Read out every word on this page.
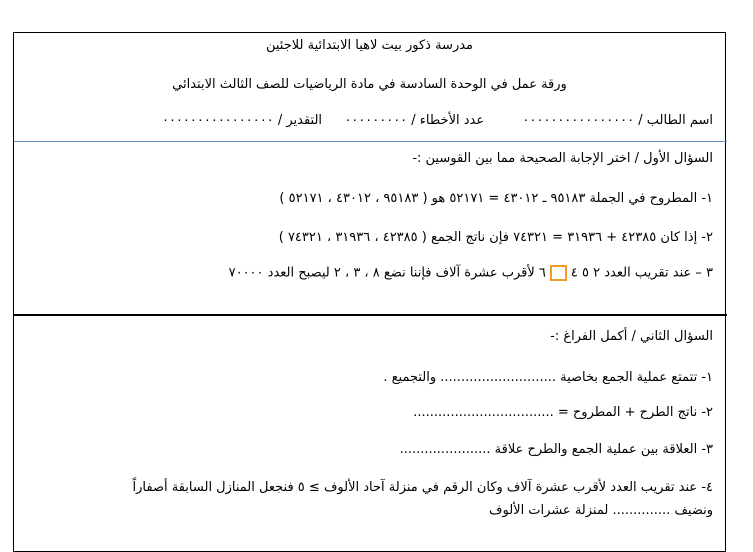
مدرسة ذكور بيت لاهيا الابتدائية للاجئين
ورقة عمل في الوحدة السادسة في مادة الرياضيات للصف الثالث الابتدائي
اسم الطالب / ٠٠٠٠٠٠٠٠٠٠٠٠٠٠٠٠  عدد الأخطاء / ٠٠٠٠٠٠٠٠٠  التقدير / ٠٠٠٠٠٠٠٠٠٠٠٠٠٠٠٠
السؤال الأول / اختر الإجابة الصحيحة مما بين القوسين :-
١- المطروح في الجملة ٩٥١٨٣ ـ ٤٣٠١٢ = ٥٢١٧١ هو ( ٩٥١٨٣ ، ٤٣٠١٢ ، ٥٢١٧١ )
٢- إذا كان ٤٢٣٨٥ + ٣١٩٣٦ = ٧٤٣٢١ فإن ناتج الجمع ( ٤٢٣٨٥ ، ٣١٩٣٦ ، ٧٤٣٢١ )
٣ – عند تقريب العدد ٢ ٥ ٤٦ لأقرب عشرة آلاف فإننا نضع ٨ ، ٣ ، ٢ ليصبح العدد ٧٠٠٠٠
السؤال الثاني / أكمل الفراغ :-
١- تتمتع عملية الجمع بخاصية ............................ والتجميع .
٢- ناتج الطرح + المطروح = ..................................
٣- العلاقة بين عملية الجمع والطرح علاقة ......................
٤- عند تقريب العدد لأقرب عشرة آلاف وكان الرقم في منزلة آحاد الألوف ≥ ٥ فنجعل المنازل السابقة أصفاراً
ونضيف .............. لمنزلة عشرات الألوف
